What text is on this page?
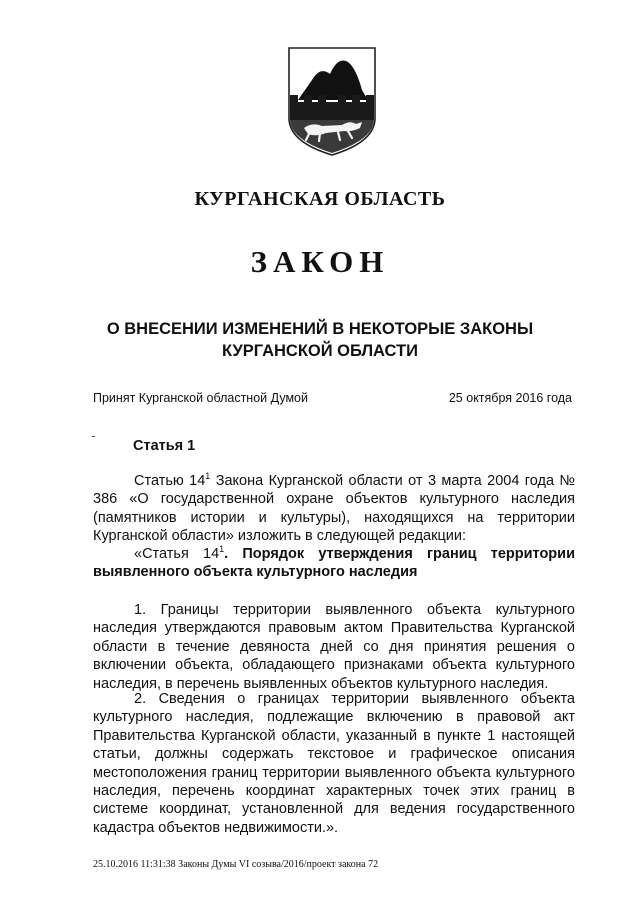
КУРГАНСКАЯ ОБЛАСТЬ
ЗАКОН
О ВНЕСЕНИИ ИЗМЕНЕНИЙ В НЕКОТОРЫЕ ЗАКОНЫ
КУРГАНСКОЙ ОБЛАСТИ
Принят Курганской областной Думой	25 октября 2016 года
Статья 1

Статью $14^1$ Закона Курганской области от 3 марта 2004 года № 386 «О государственной охране объектов культурного наследия (памятников истории и культуры), находящихся на территории Курганской области» изложить в следующей редакции:

«Статья $14^1$. Порядок утверждения границ территории выявленного объекта культурного наследия

1. Границы территории выявленного объекта культурного наследия утверждаются правовым актом Правительства Курганской области в течение девяноста дней со дня принятия решения о включении объекта, обладающего признаками объекта культурного наследия, в перечень выявленных объектов культурного наследия.

2. Сведения о границах территории выявленного объекта культурного наследия, подлежащие включению в правовой акт Правительства Курганской области, указанный в пункте 1 настоящей статьи, должны содержать текстовое и графическое описания местоположения границ территории выявленного объекта культурного наследия, перечень координат характерных точек этих границ в системе координат, установленной для ведения государственного кадастра объектов недвижимости.».

25.10.2016 11:31:38 Законы Думы VI созыва/2016/проект закона 72
